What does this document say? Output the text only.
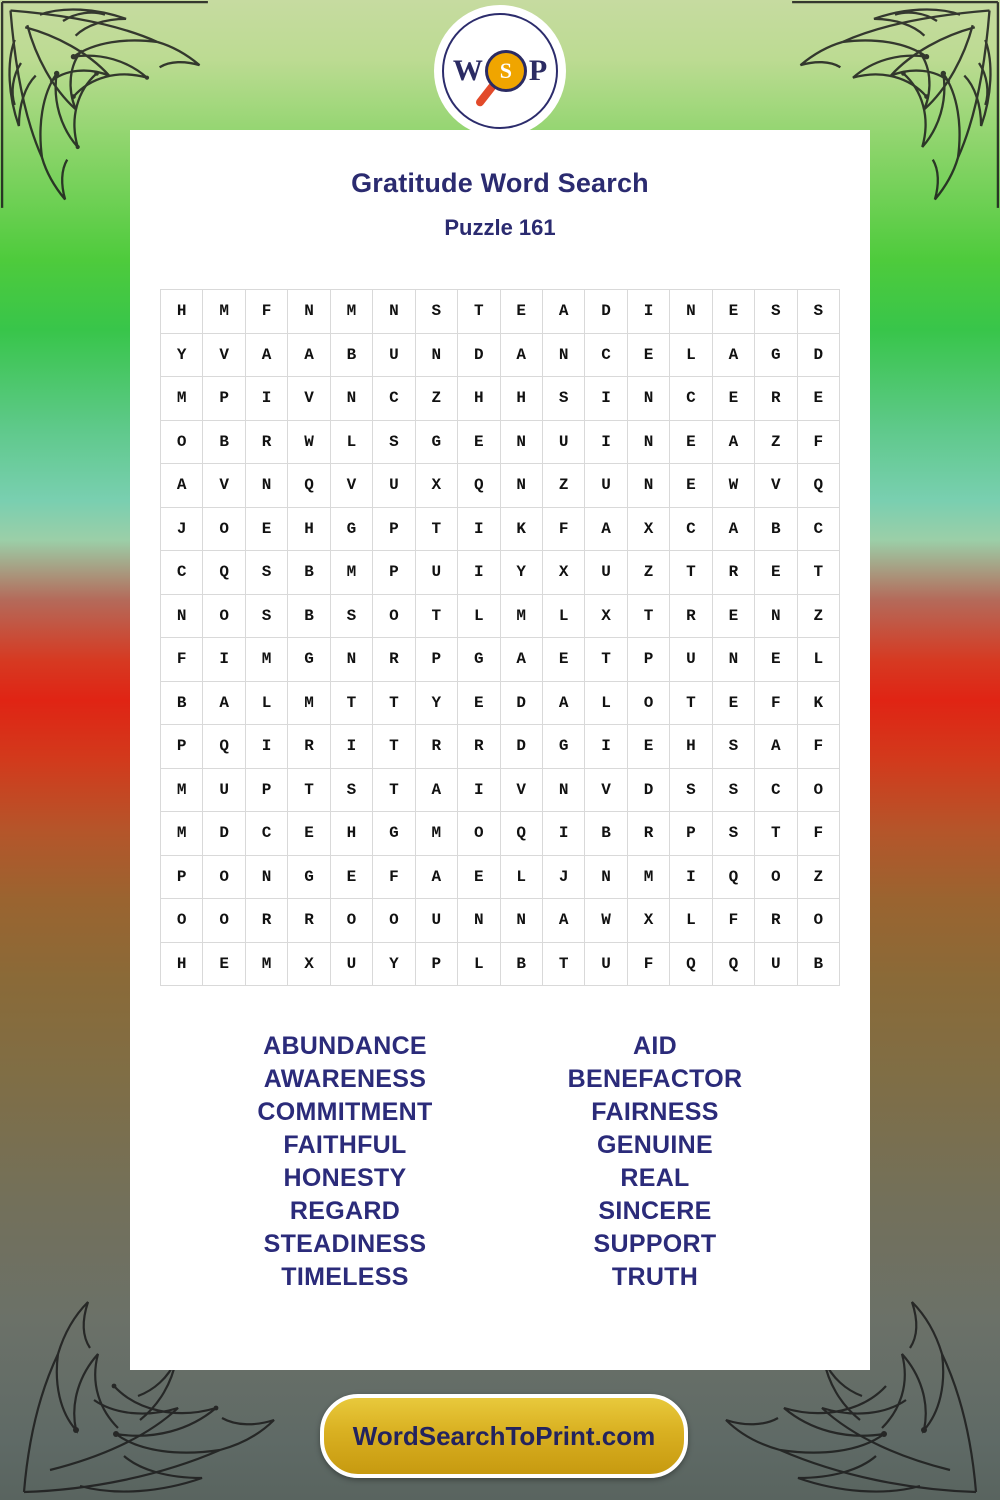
W S P
Gratitude Word Search
Puzzle 161
H	M	F	N	M	N	S	T	E	A	D	I	N	E	S	S
Y	V	A	A	B	U	N	D	A	N	C	E	L	A	G	D
M	P	I	V	N	C	Z	H	H	S	I	N	C	E	R	E
O	B	R	W	L	S	G	E	N	U	I	N	E	A	Z	F
A	V	N	Q	V	U	X	Q	N	Z	U	N	E	W	V	Q
J	O	E	H	G	P	T	I	K	F	A	X	C	A	B	C
C	Q	S	B	M	P	U	I	Y	X	U	Z	T	R	E	T
N	O	S	B	S	O	T	L	M	L	X	T	R	E	N	Z
F	I	M	G	N	R	P	G	A	E	T	P	U	N	E	L
B	A	L	M	T	T	Y	E	D	A	L	O	T	E	F	K
P	Q	I	R	I	T	R	R	D	G	I	E	H	S	A	F
M	U	P	T	S	T	A	I	V	N	V	D	S	S	C	O
M	D	C	E	H	G	M	O	Q	I	B	R	P	S	T	F
P	O	N	G	E	F	A	E	L	J	N	M	I	Q	O	Z
O	O	R	R	O	O	U	N	N	A	W	X	L	F	R	O
H	E	M	X	U	Y	P	L	B	T	U	F	Q	Q	U	B
ABUNDANCE
AWARENESS
COMMITMENT
FAITHFUL
HONESTY
REGARD
STEADINESS
TIMELESS
AID
BENEFACTOR
FAIRNESS
GENUINE
REAL
SINCERE
SUPPORT
TRUTH
WordSearchToPrint.com
